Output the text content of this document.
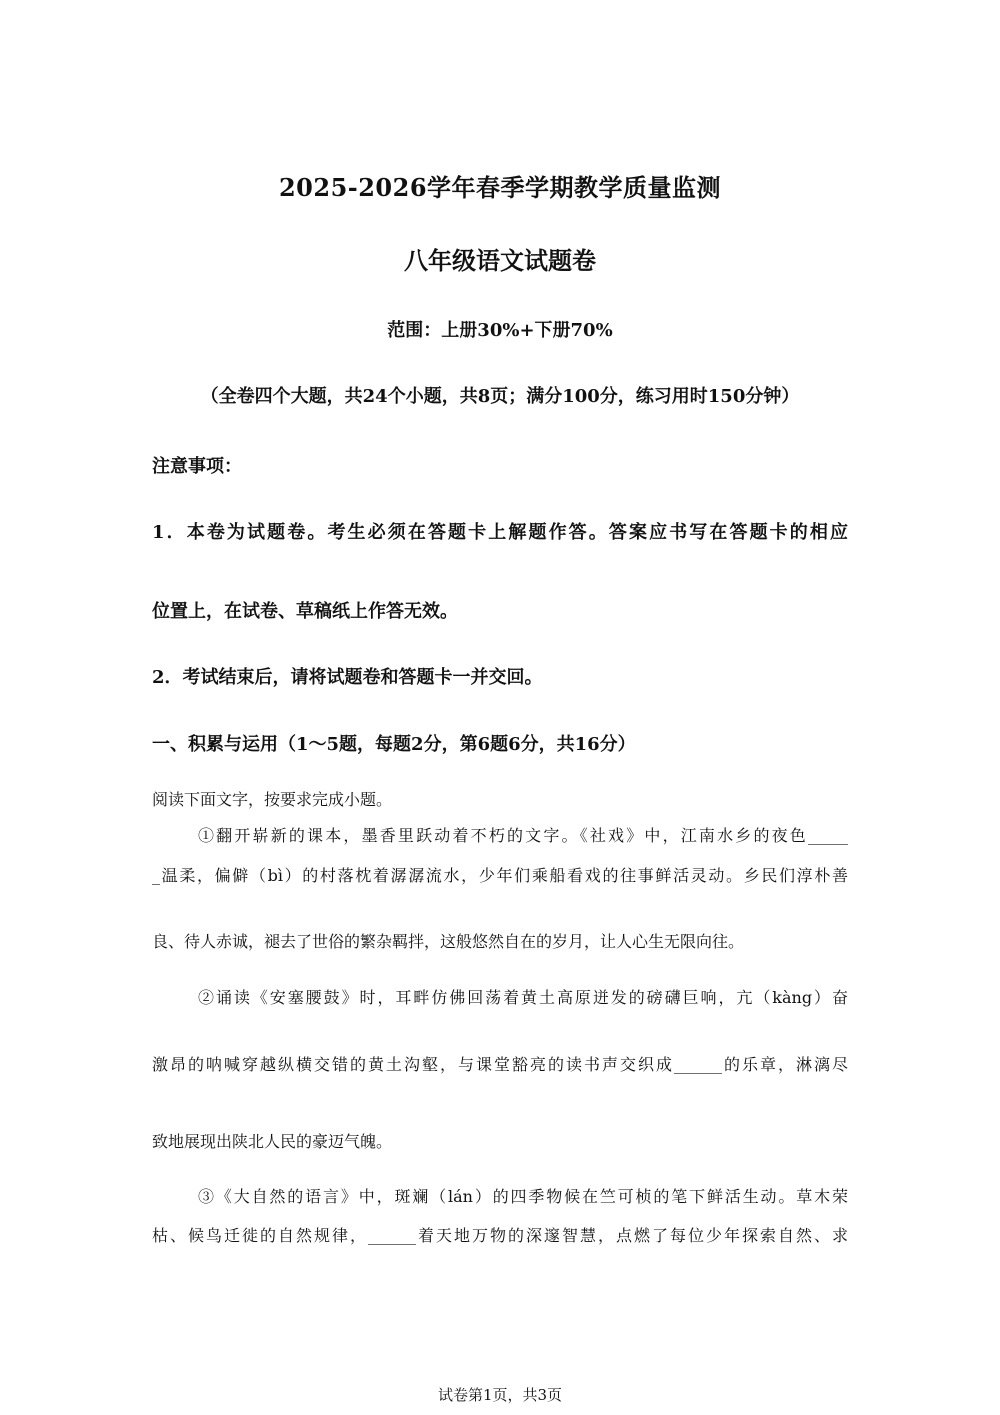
2025-2026学年春季学期教学质量监测
八年级语文试题卷
范围：上册30%+下册70%
（全卷四个大题，共24个小题，共8页；满分100分，练习用时150分钟）
注意事项：
1．本卷为试题卷。考生必须在答题卡上解题作答。答案应书写在答题卡的相应
位置上，在试卷、草稿纸上作答无效。
2．考试结束后，请将试题卷和答题卡一并交回。
一、积累与运用（1～5题，每题2分，第6题6分，共16分）
阅读下面文字，按要求完成小题。
①翻开崭新的课本，墨香里跃动着不朽的文字。《社戏》中，江南水乡的夜色_____
_温柔，偏僻（bì）的村落枕着潺潺流水，少年们乘船看戏的往事鲜活灵动。乡民们淳朴善
良、待人赤诚，褪去了世俗的繁杂羁拌，这般悠然自在的岁月，让人心生无限向往。
②诵读《安塞腰鼓》时，耳畔仿佛回荡着黄土高原迸发的磅礴巨响，亢（kàng）奋
激昂的呐喊穿越纵横交错的黄土沟壑，与课堂豁亮的读书声交织成______的乐章，淋漓尽
致地展现出陕北人民的豪迈气魄。
③《大自然的语言》中，斑斓（lán）的四季物候在竺可桢的笔下鲜活生动。草木荣
枯、候鸟迁徙的自然规律，______着天地万物的深邃智慧，点燃了每位少年探索自然、求
试卷第1页，共3页
